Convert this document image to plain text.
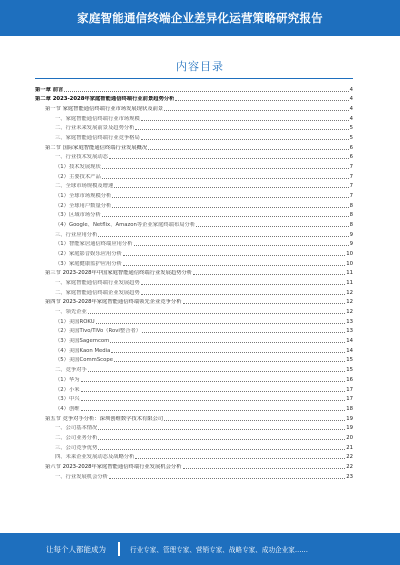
家庭智能通信终端企业差异化运营策略研究报告
内容目录
第一章 前言	4
第二章 2023-2028年家庭智能通信终端行业前景趋势分析	4
第一节 家庭智能通信终端行业市场发展现状及前景	4
一、家庭智能通信终端行业市场规模	4
二、行业未来发展前景及趋势分析	5
三、家庭智能通信终端行业竞争格局	5
第二节 国际家庭智能通信终端行业发展概况	6
一、行业技术发展动态	6
（1）技术发展现状	7
（2）主要技术产品	7
二、全球市场规模及增速	7
（1）全球市场规模分析	7
（2）全球用户数量分析	8
（3）区域市场分析	8
（4）Google、Netflix、Amazon等企业家庭终端布局分析	8
三、行业应用分析	9
（1）智能家居通信终端应用分析	9
（2）家庭影音娱乐应用分析	10
（3）家庭健康监护应用分析	10
第三节 2023-2028年中国家庭智能通信终端行业发展趋势分析	11
一、家庭智能通信终端行业发展趋势	11
二、家庭智能通信终端企业发展趋势	12
第四节 2023-2028年家庭智能通信终端领先企业竞争分析	12
一、领先企业	12
（1）美国ROKU	13
（2）美国Tivo/TiVo（Rovi整合者）	13
（3）美国Sagemcom	14
（4）美国Kaon Media	14
（5）美国CommScope	15
二、竞争对手	15
（1）华为	16
（2）小米	17
（3）中兴	17
（4）创维	18
第五节 竞争对手分析：深圳创维数字技术有限公司	19
一、公司基本情况	19
二、公司业务分析	20
三、公司竞争优势	21
四、未来企业发展动态及战略分析	22
第六节 2023-2028年家庭智能通信终端行业发展机会分析	22
一、行业发展机会分析	23
让每个人都能成为	行业专家、管理专家、营销专家、战略专家、成功企业家……
